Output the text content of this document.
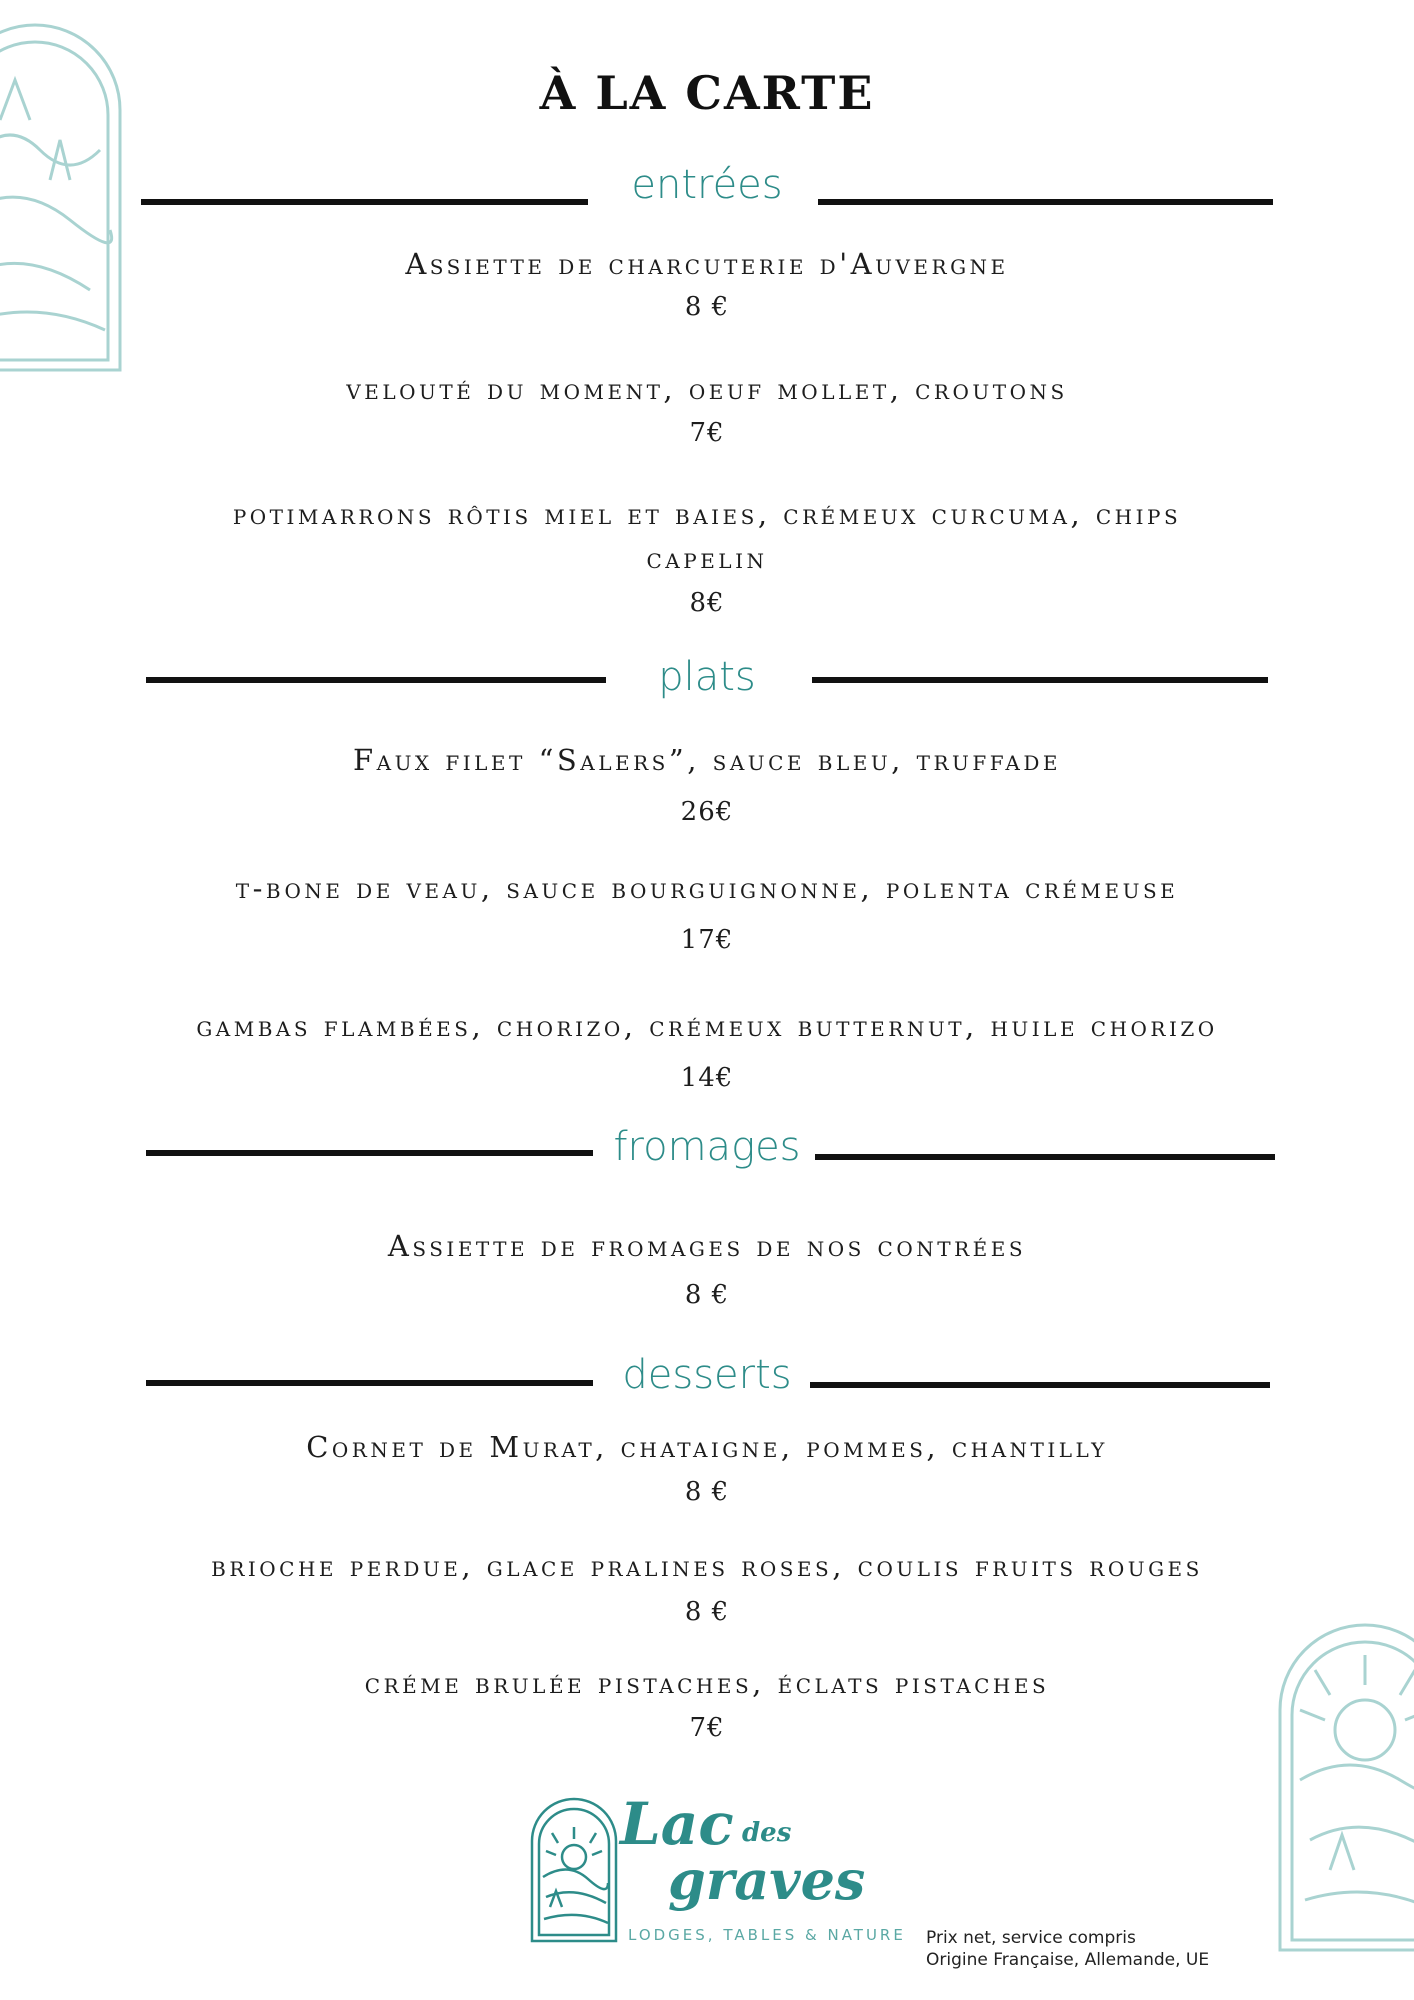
À LA CARTE
entrées
Assiette de charcuterie d'Auvergne
8 €
velouté du moment, oeuf mollet, croutons
7€
potimarrons rôtis miel et baies, crémeux curcuma, chips
capelin
8€
plats
Faux filet “Salers”, sauce bleu, truffade
26€
t-bone de veau, sauce bourguignonne, polenta crémeuse
17€
gambas flambées, chorizo, crémeux butternut, huile chorizo
14€
fromages
Assiette de fromages de nos contrées
8 €
desserts
Cornet de Murat, chataigne, pommes, chantilly
8 €
brioche perdue, glace pralines roses, coulis fruits rouges
8 €
créme brulée pistaches, éclats pistaches
7€
Lac des
graves
LODGES, TABLES & NATURE Prix net, service compris
Origine Française, Allemande, UE
